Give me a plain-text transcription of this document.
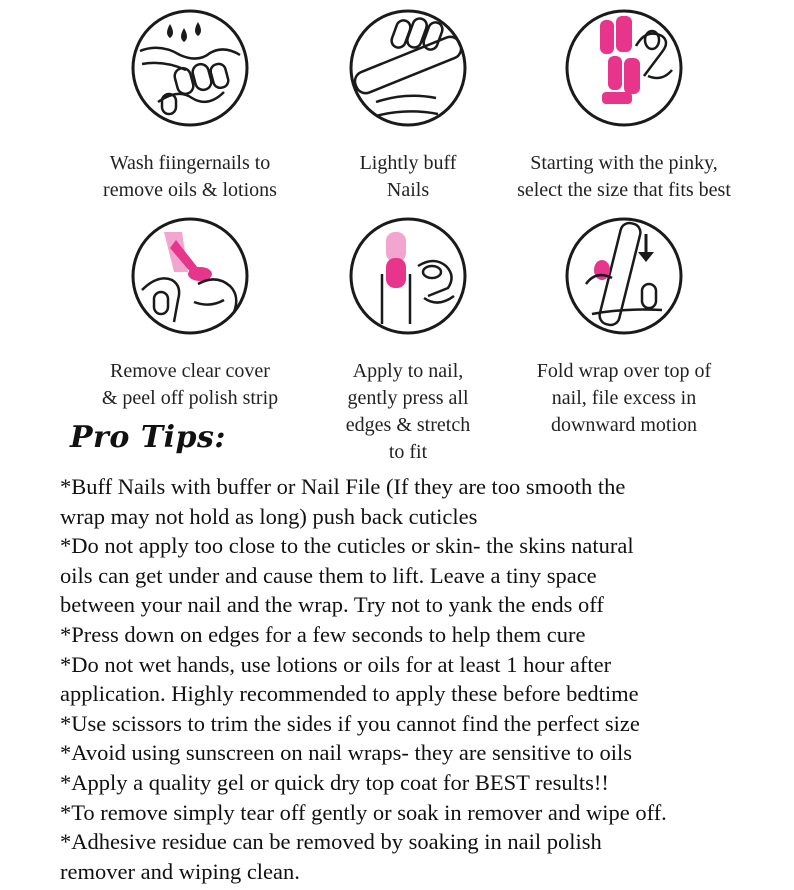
Wash fiingernails to
remove oils & lotions
Lightly buff
Nails
Starting with the pinky,
select the size that fits best
Remove clear cover
& peel off polish strip
Apply to nail,
gently press all
edges & stretch
to fit
Fold wrap over top of
nail, file excess in
downward motion
Pro Tips:
*Buff Nails with buffer or Nail File (If they are too smooth the
wrap may not hold as long) push back cuticles
*Do not apply too close to the cuticles or skin- the skins natural
oils can get under and cause them to lift. Leave a tiny space
between your nail and the wrap. Try not to yank the ends off
*Press down on edges for a few seconds to help them cure
*Do not wet hands, use lotions or oils for at least 1 hour after
application. Highly recommended to apply these before bedtime
*Use scissors to trim the sides if you cannot find the perfect size
*Avoid using sunscreen on nail wraps- they are sensitive to oils
*Apply a quality gel or quick dry top coat for BEST results!!
*To remove simply tear off gently or soak in remover and wipe off.
*Adhesive residue can be removed by soaking in nail polish
remover and wiping clean.
